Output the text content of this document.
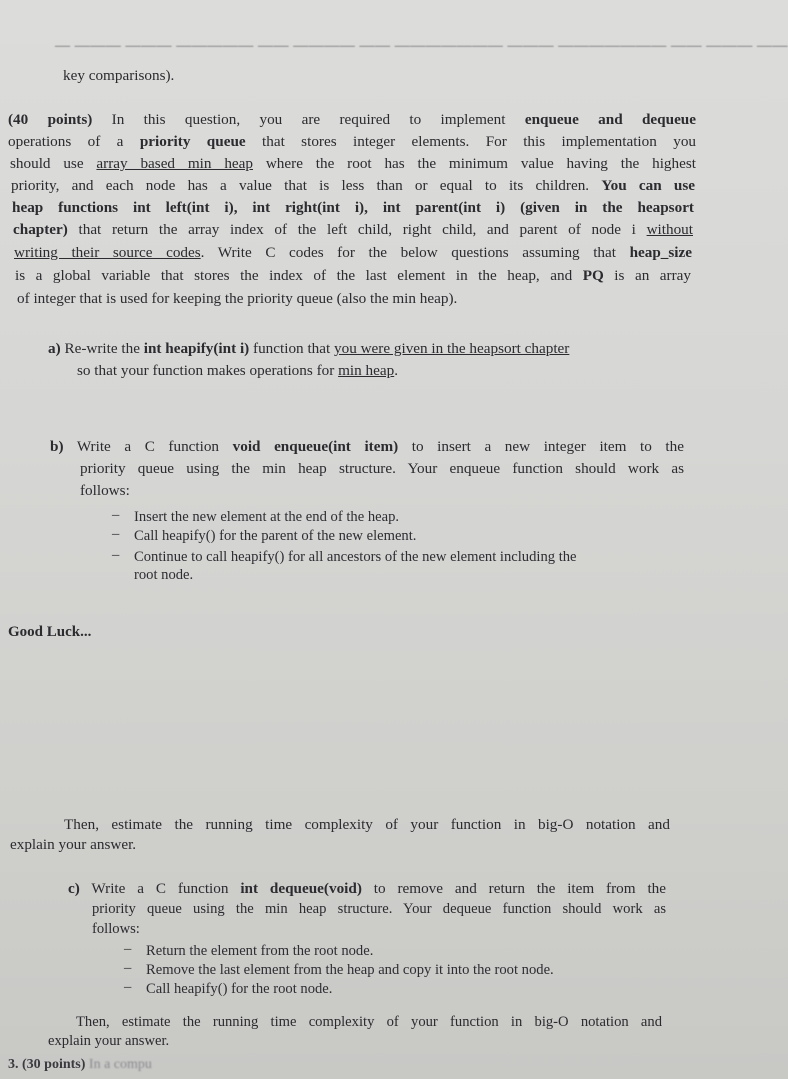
— ——— ——— ————— —— ———— —— ——————— ——— ——————— —— ——— ——
key comparisons).
(40 points) In this question, you are required to implement enqueue and dequeue
operations of a priority queue that stores integer elements. For this implementation you
should use array based min heap where the root has the minimum value having the highest
priority, and each node has a value that is less than or equal to its children. You can use
heap functions int left(int i), int right(int i), int parent(int i) (given in the heapsort
chapter) that return the array index of the left child, right child, and parent of node i without
writing their source codes. Write C codes for the below questions assuming that heap_size
is a global variable that stores the index of the last element in the heap, and PQ is an array
of integer that is used for keeping the priority queue (also the min heap).
a) Re-write the int heapify(int i) function that you were given in the heapsort chapter
so that your function makes operations for min heap.
b) Write a C function void enqueue(int item) to insert a new integer item to the
priority queue using the min heap structure. Your enqueue function should work as
follows:
– Insert the new element at the end of the heap.
– Call heapify() for the parent of the new element.
– Continue to call heapify() for all ancestors of the new element including the
root node.
Good Luck...
Then, estimate the running time complexity of your function in big-O notation and
explain your answer.
c) Write a C function int dequeue(void) to remove and return the item from the
priority queue using the min heap structure. Your dequeue function should work as
follows:
– Return the element from the root node.
– Remove the last element from the heap and copy it into the root node.
– Call heapify() for the root node.
Then, estimate the running time complexity of your function in big-O notation and
explain your answer.
3. (30 points) In a compu
